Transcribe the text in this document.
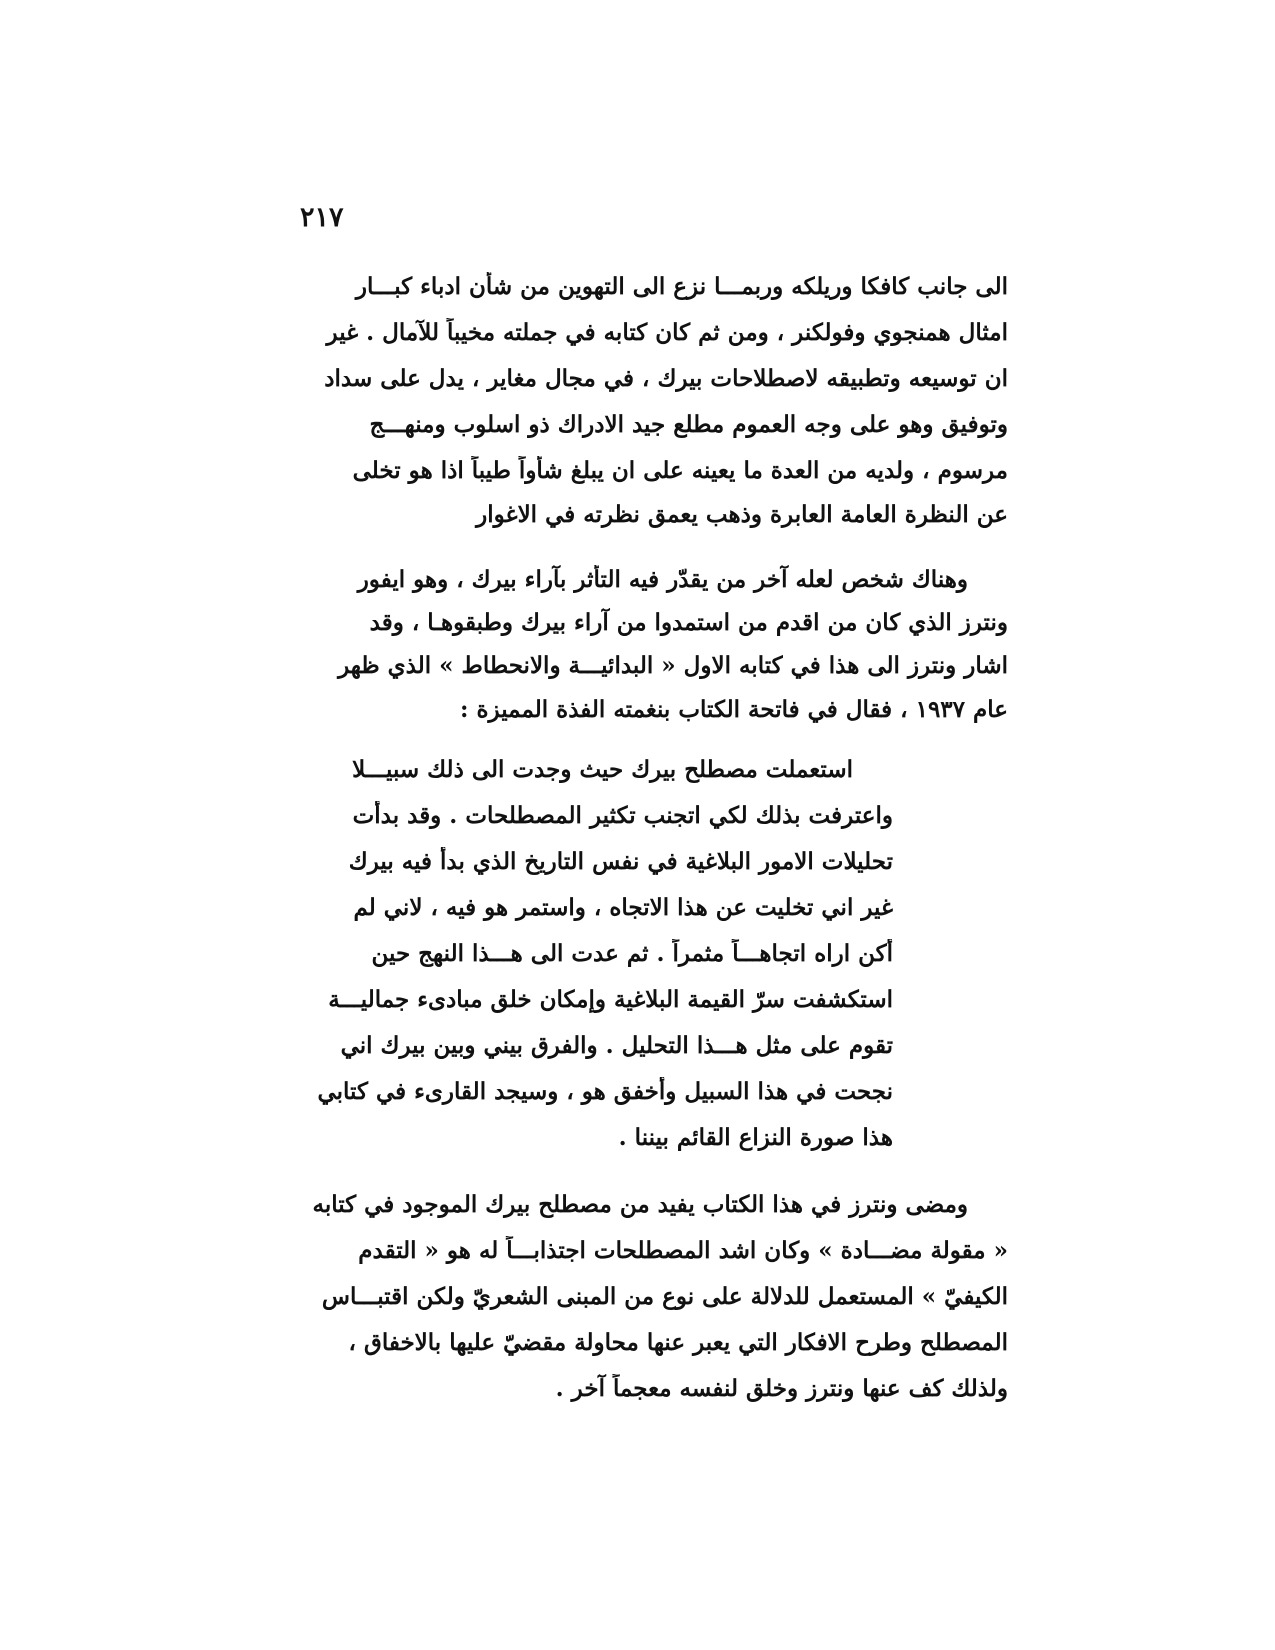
٢١٧
الى جانب كافكا وريلكه وربمـــا نزع الى التهوين من شأن ادباء كبـــار
امثال همنجوي وفولكنر ، ومن ثم كان كتابه في جملته مخيباً للآمال . غير
ان توسيعه وتطبيقه لاصطلاحات بيرك ، في مجال مغاير ، يدل على سداد
وتوفيق وهو على وجه العموم مطلع جيد الادراك ذو اسلوب ومنهـــج
مرسوم ، ولديه من العدة ما يعينه على ان يبلغ شأواً طيباً اذا هو تخلى
عن النظرة العامة العابرة وذهب يعمق نظرته في الاغوار
وهناك شخص لعله آخر من يقدّر فيه التأثر بآراء بيرك ، وهو ايفور
ونترز الذي كان من اقدم من استمدوا من آراء بيرك وطبقوهـا ، وقد
اشار ونترز الى هذا في كتابه الاول « البدائيـــة والانحطاط » الذي ظهر
عام ١٩٣٧ ، فقال في فاتحة الكتاب بنغمته الفذة المميزة :
استعملت مصطلح بيرك حيث وجدت الى ذلك سبيـــلا
واعترفت بذلك لكي اتجنب تكثير المصطلحات . وقد بدأت
تحليلات الامور البلاغية في نفس التاريخ الذي بدأ فيه بيرك
غير اني تخليت عن هذا الاتجاه ، واستمر هو فيه ، لاني لم
أكن اراه اتجاهـــاً مثمراً . ثم عدت الى هـــذا النهج حين
استكشفت سرّ القيمة البلاغية وإمكان خلق مبادىء جماليـــة
تقوم على مثل هـــذا التحليل . والفرق بيني وبين بيرك اني
نجحت في هذا السبيل وأخفق هو ، وسيجد القارىء في كتابي
هذا صورة النزاع القائم بيننا .
ومضى ونترز في هذا الكتاب يفيد من مصطلح بيرك الموجود في كتابه
« مقولة مضـــادة » وكان اشد المصطلحات اجتذابـــاً له هو « التقدم
الكيفيّ » المستعمل للدلالة على نوع من المبنى الشعريّ ولكن اقتبـــاس
المصطلح وطرح الافكار التي يعبر عنها محاولة مقضيّ عليها بالاخفاق ،
ولذلك كف عنها ونترز وخلق لنفسه معجماً آخر .
